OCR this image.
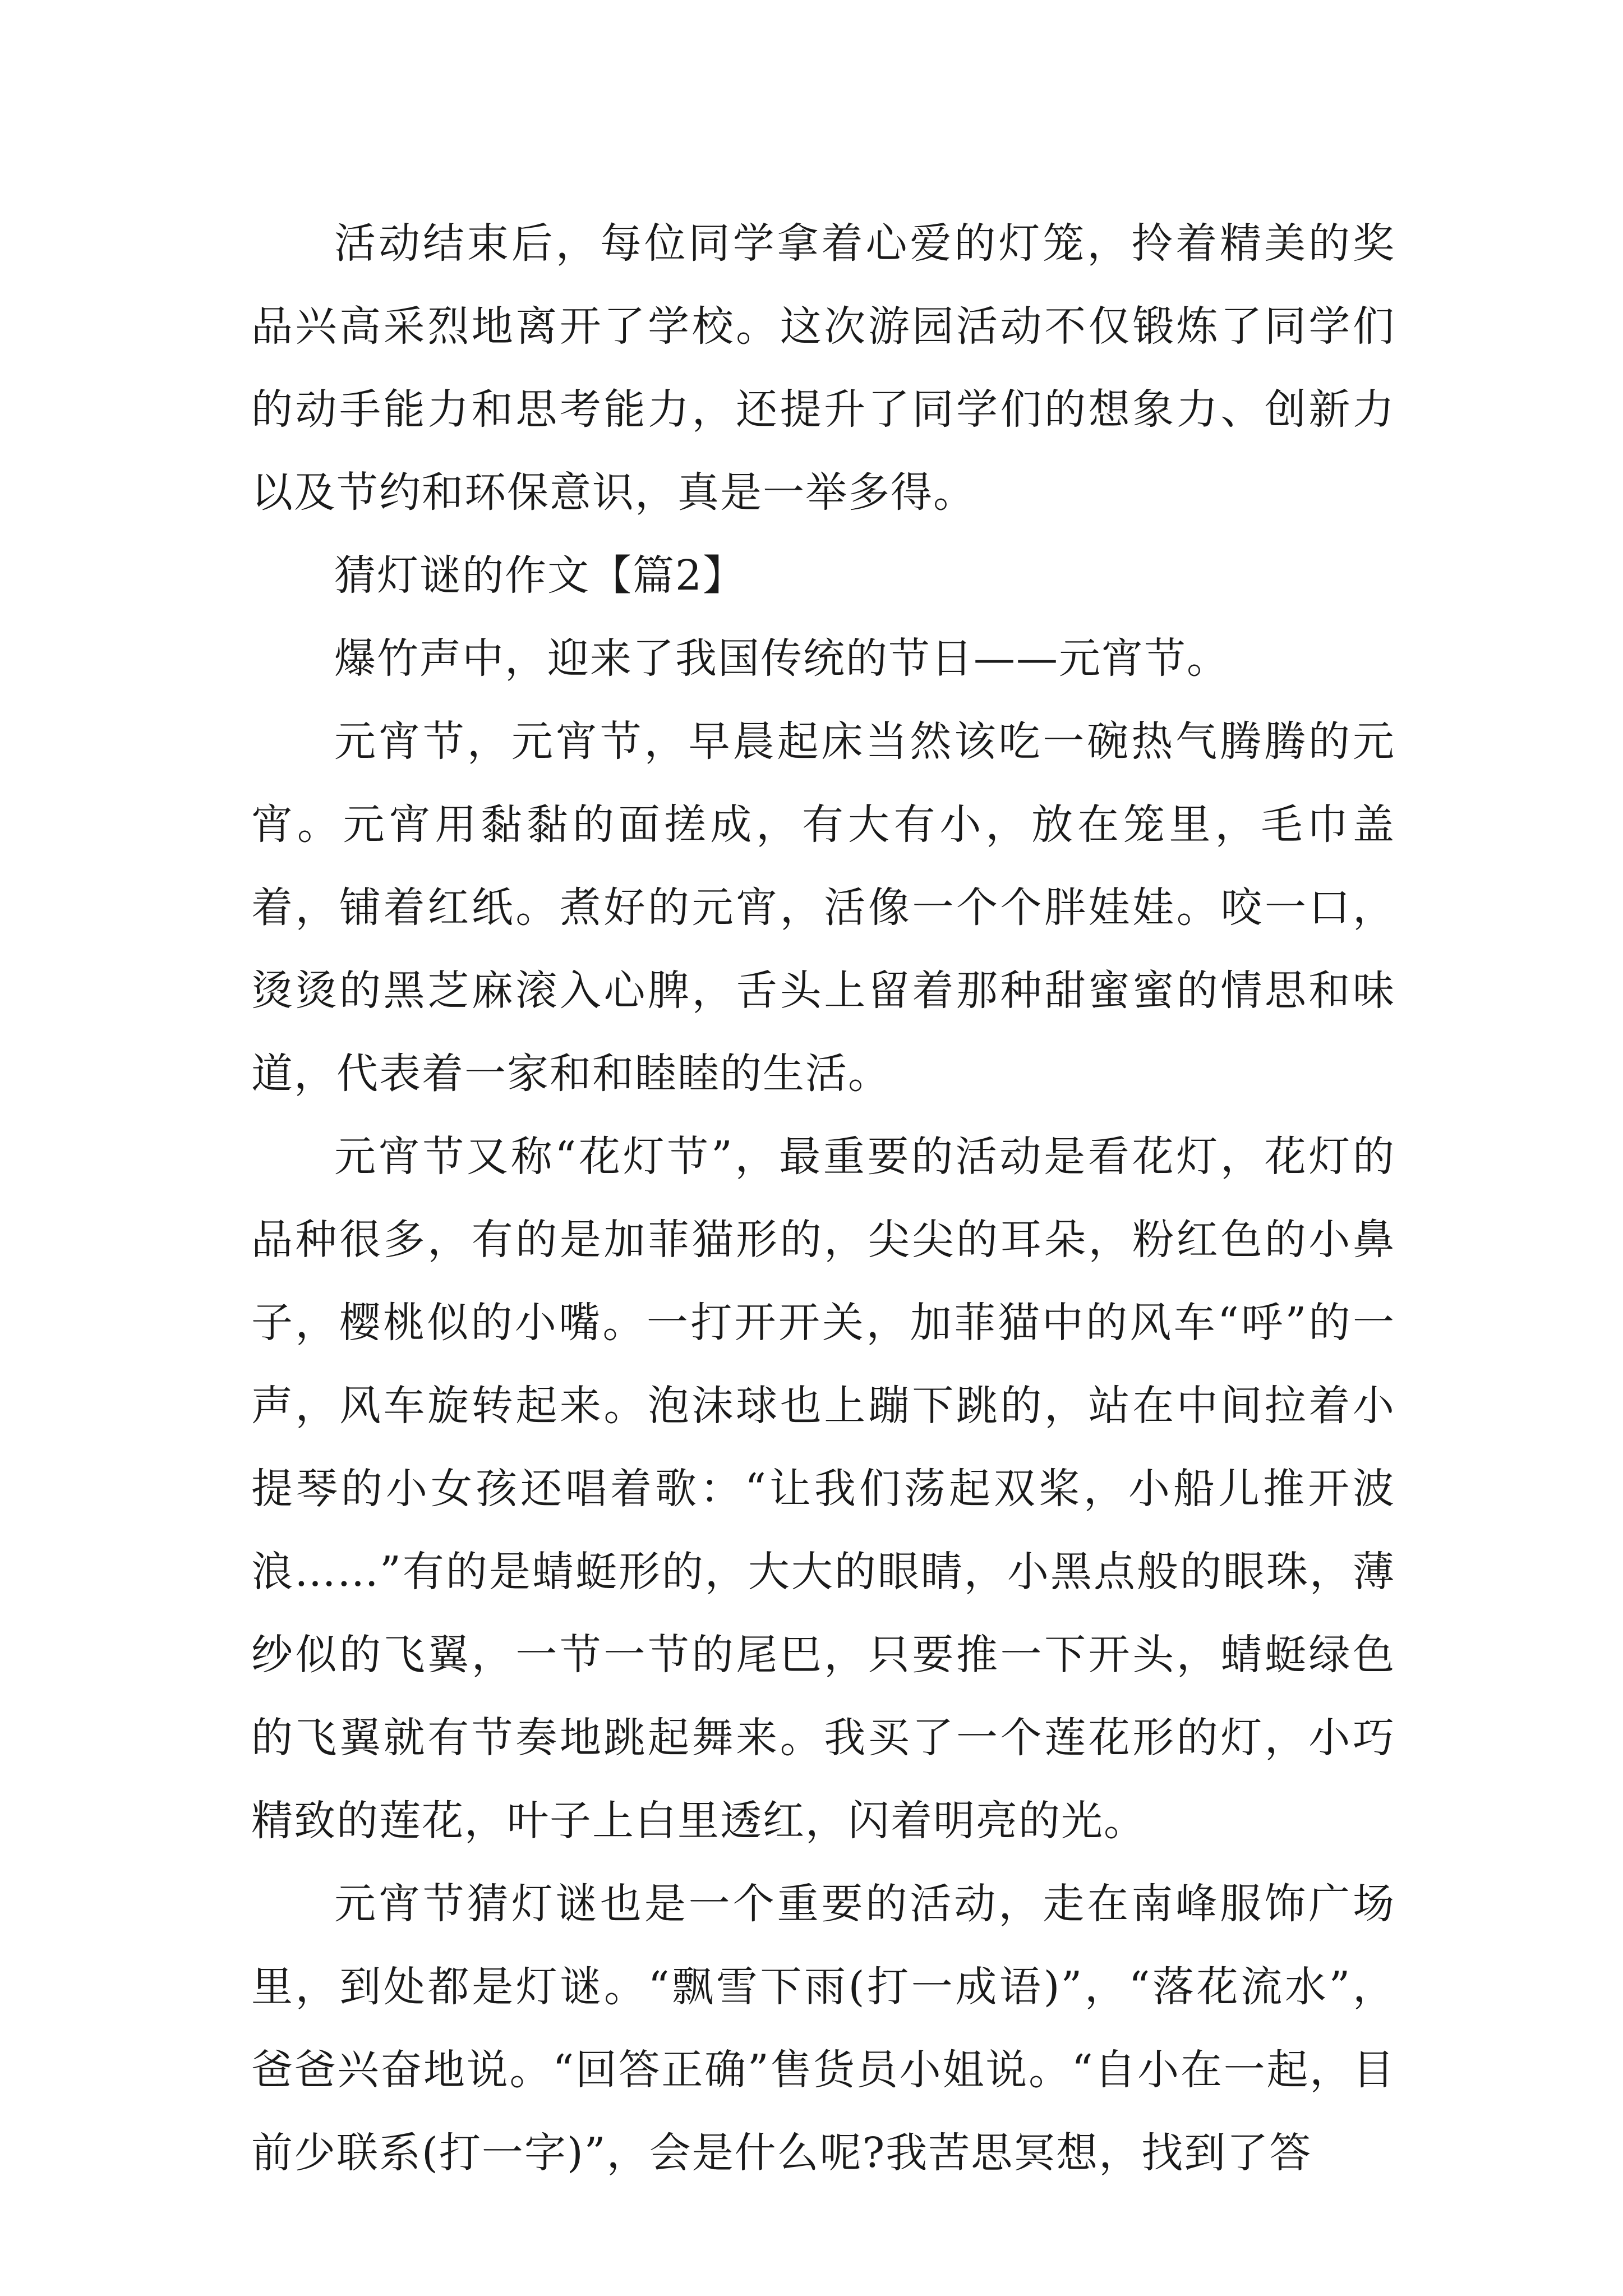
活动结束后，每位同学拿着心爱的灯笼，拎着精美的奖品兴高采烈地离开了学校。这次游园活动不仅锻炼了同学们的动手能力和思考能力，还提升了同学们的想象力、创新力以及节约和环保意识，真是一举多得。

猜灯谜的作文【篇2】

爆竹声中，迎来了我国传统的节日——元宵节。

元宵节，元宵节，早晨起床当然该吃一碗热气腾腾的元宵。元宵用黏黏的面搓成，有大有小，放在笼里，毛巾盖着，铺着红纸。煮好的元宵，活像一个个胖娃娃。咬一口，烫烫的黑芝麻滚入心脾，舌头上留着那种甜蜜蜜的情思和味道，代表着一家和和睦睦的生活。

元宵节又称“花灯节”，最重要的活动是看花灯，花灯的品种很多，有的是加菲猫形的，尖尖的耳朵，粉红色的小鼻子，樱桃似的小嘴。一打开开关，加菲猫中的风车“呼”的一声，风车旋转起来。泡沫球也上蹦下跳的，站在中间拉着小提琴的小女孩还唱着歌：“让我们荡起双桨，小船儿推开波浪……”有的是蜻蜓形的，大大的眼睛，小黑点般的眼珠，薄纱似的飞翼，一节一节的尾巴，只要推一下开头，蜻蜓绿色的飞翼就有节奏地跳起舞来。我买了一个莲花形的灯，小巧精致的莲花，叶子上白里透红，闪着明亮的光。

元宵节猜灯谜也是一个重要的活动，走在南峰服饰广场里，到处都是灯谜。“飘雪下雨(打一成语)”，“落花流水”，爸爸兴奋地说。“回答正确”售货员小姐说。“自小在一起，目前少联系(打一字)”，会是什么呢?我苦思冥想，找到了答
